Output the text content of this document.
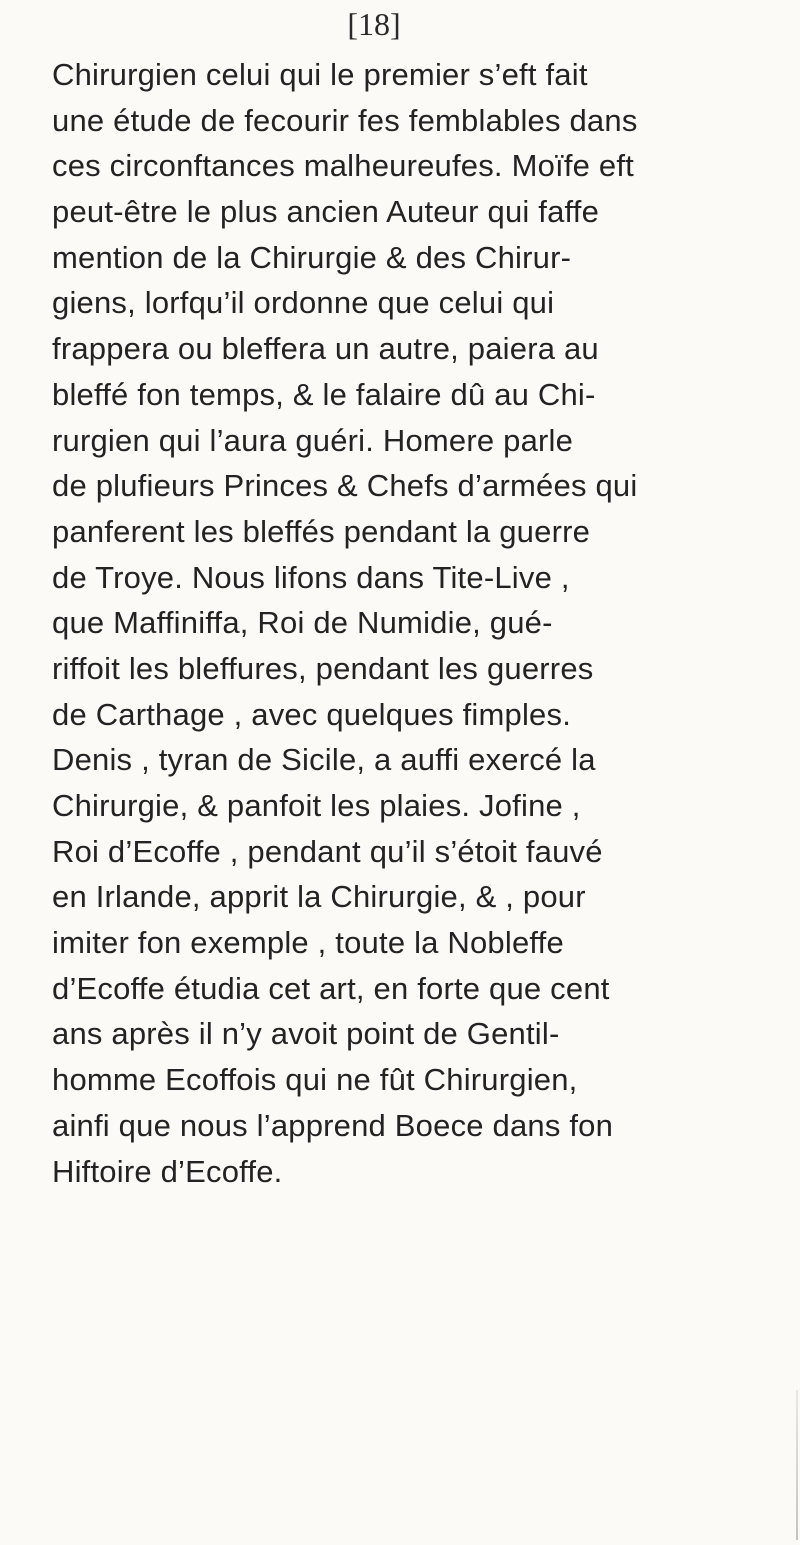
[18]
Chirurgien celui qui le premier s’eft fait
une étude de fecourir fes femblables dans
ces circonftances malheureufes. Moïfe eft
peut-être le plus ancien Auteur qui faffe
mention de la Chirurgie & des Chirur-
giens, lorfqu’il ordonne que celui qui
frappera ou bleffera un autre, paiera au
bleffé fon temps, & le falaire dû au Chi-
rurgien qui l’aura guéri. Homere parle
de plufieurs Princes & Chefs d’armées qui
panferent les bleffés pendant la guerre
de Troye. Nous lifons dans Tite-Live ,
que Maffiniffa, Roi de Numidie, gué-
riffoit les bleffures, pendant les guerres
de Carthage , avec quelques fimples.
Denis , tyran de Sicile, a auffi exercé la
Chirurgie, & panfoit les plaies. Jofine ,
Roi d’Ecoffe , pendant qu’il s’étoit fauvé
en Irlande, apprit la Chirurgie, & , pour
imiter fon exemple , toute la Nobleffe
d’Ecoffe étudia cet art, en forte que cent
ans après il n’y avoit point de Gentil-
homme Ecoffois qui ne fût Chirurgien,
ainfi que nous l’apprend Boece dans fon
Hiftoire d’Ecoffe.
